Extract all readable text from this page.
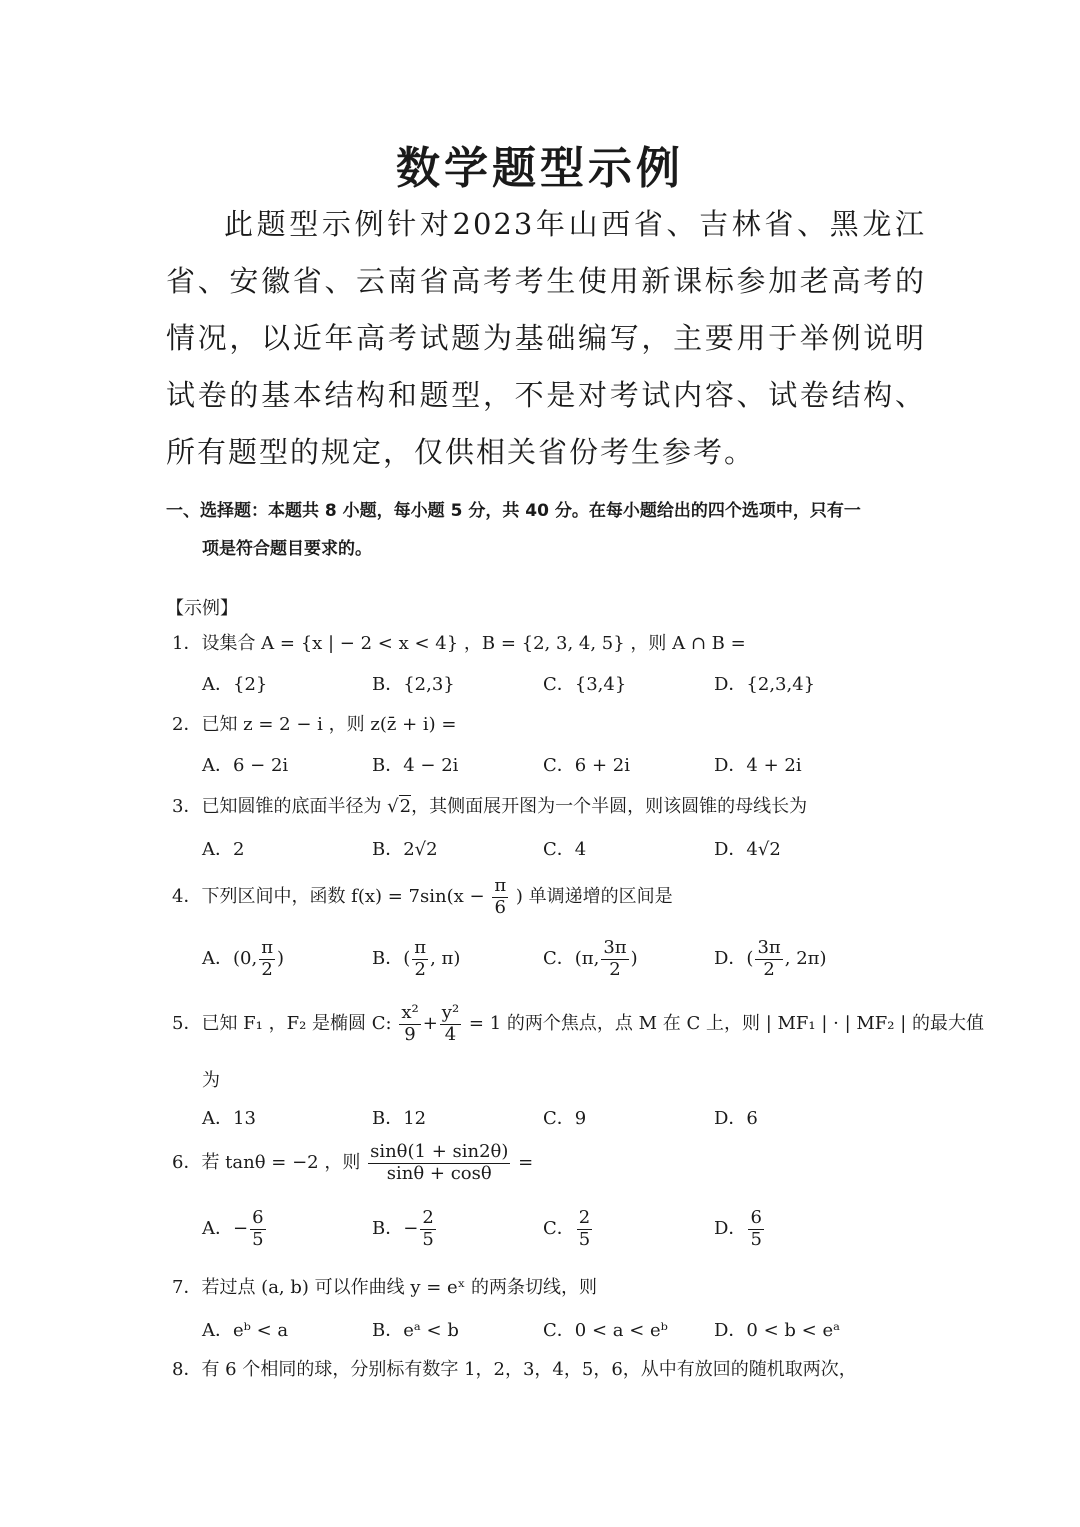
数学题型示例
此题型示例针对2023年山西省、吉林省、黑龙江省、安徽省、云南省高考考生使用新课标参加老高考的情况，以近年高考试题为基础编写，主要用于举例说明试卷的基本结构和题型，不是对考试内容、试卷结构、所有题型的规定，仅供相关省份考生参考。
一、选择题：本题共 8 小题，每小题 5 分，共 40 分。在每小题给出的四个选项中，只有一
项是符合题目要求的。
【示例】
1．设集合 A = {x | − 2 < x < 4} ，B = {2, 3, 4, 5} ，则 A ∩ B =
A．{2}	B．{2,3}	C．{3,4}	D．{2,3,4}
2．已知 z = 2 − i ，则 z(z̄ + i) =
A．6 − 2i	B．4 − 2i	C．6 + 2i	D．4 + 2i
3．已知圆锥的底面半径为 √2，其侧面展开图为一个半圆，则该圆锥的母线长为
A．2	B．2√2	C．4	D．4√2
4．下列区间中，函数 $f(x) = 7\sin(x - \frac{\pi}{6}$ ) 单调递增的区间是
A．(0, $\frac{\pi}{2}$ )	B．( $\frac{\pi}{2}$ , π)	C．(π, $\frac{3\pi}{2}$ )	D．( $\frac{3\pi}{2}$ , 2π)
5．已知 F₁ ，F₂ 是椭圆 C: $\frac{\text{x²}}{9} + \frac{\text{y²}}{4} = 1$ 的两个焦点，点 M 在 C 上，则 | MF₁ | · | MF₂ | 的最大值
为
A．13	B．12	C．9	D．6
6．若 tanθ = −2 ，则 $\frac{\sin\theta(1 + \sin 2\theta)}{\sin\theta + \cos\theta}$ =
A．− $\frac{6}{5}$	B．− $\frac{2}{5}$	C． $\frac{2}{5}$	D． $\frac{6}{5}$
7．若过点 (a, b) 可以作曲线 y = eˣ 的两条切线，则
A．eᵇ < a	B．eᵃ < b	C．0 < a < eᵇ	D．0 < b < eᵃ
8．有 6 个相同的球，分别标有数字 1，2，3，4，5，6，从中有放回的随机取两次，
